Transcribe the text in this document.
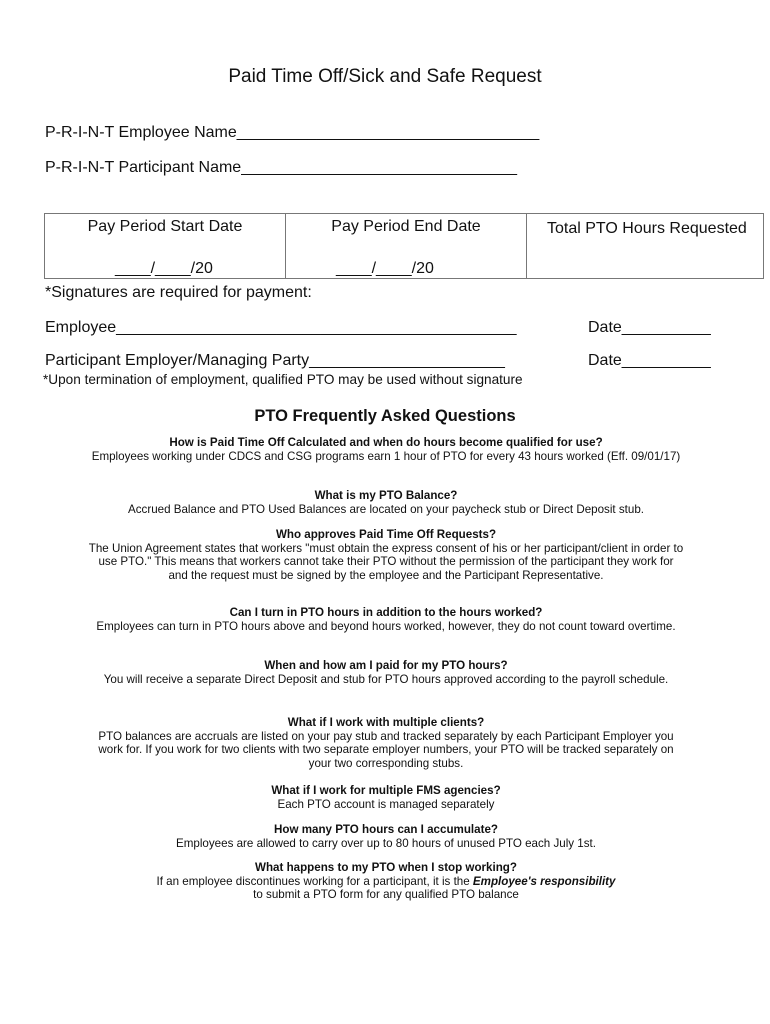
Paid Time Off/Sick and Safe Request
P-R-I-N-T Employee Name__________________________________
P-R-I-N-T Participant Name_______________________________
Pay Period Start Date
____/____/20
Pay Period End Date
____/____/20
Total PTO Hours Requested
*Signatures are required for payment:
Employee_____________________________________________	Date__________
Participant Employer/Managing Party______________________	Date__________
*Upon termination of employment, qualified PTO may be used without signature
PTO Frequently Asked Questions

How is Paid Time Off Calculated and when do hours become qualified for use?

Employees working under CDCS and CSG programs earn 1 hour of PTO for every 43 hours worked (Eff. 09/01/17)

What is my PTO Balance?

Accrued Balance and PTO Used Balances are located on your paycheck stub or Direct Deposit stub.

Who approves Paid Time Off Requests?

The Union Agreement states that workers "must obtain the express consent of his or her participant/client in order to use PTO." This means that workers cannot take their PTO without the permission of the participant they work for and the request must be signed by the employee and the Participant Representative.

Can I turn in PTO hours in addition to the hours worked?

Employees can turn in PTO hours above and beyond hours worked, however, they do not count toward overtime.

When and how am I paid for my PTO hours?

You will receive a separate Direct Deposit and stub for PTO hours approved according to the payroll schedule.

What if I work with multiple clients?

PTO balances are accruals are listed on your pay stub and tracked separately by each Participant Employer you work for. If you work for two clients with two separate employer numbers, your PTO will be tracked separately on your two corresponding stubs.

What if I work for multiple FMS agencies?

Each PTO account is managed separately

How many PTO hours can I accumulate?

Employees are allowed to carry over up to 80 hours of unused PTO each July 1st.

What happens to my PTO when I stop working?

If an employee discontinues working for a participant, it is the Employee's responsibility
to submit a PTO form for any qualified PTO balance
